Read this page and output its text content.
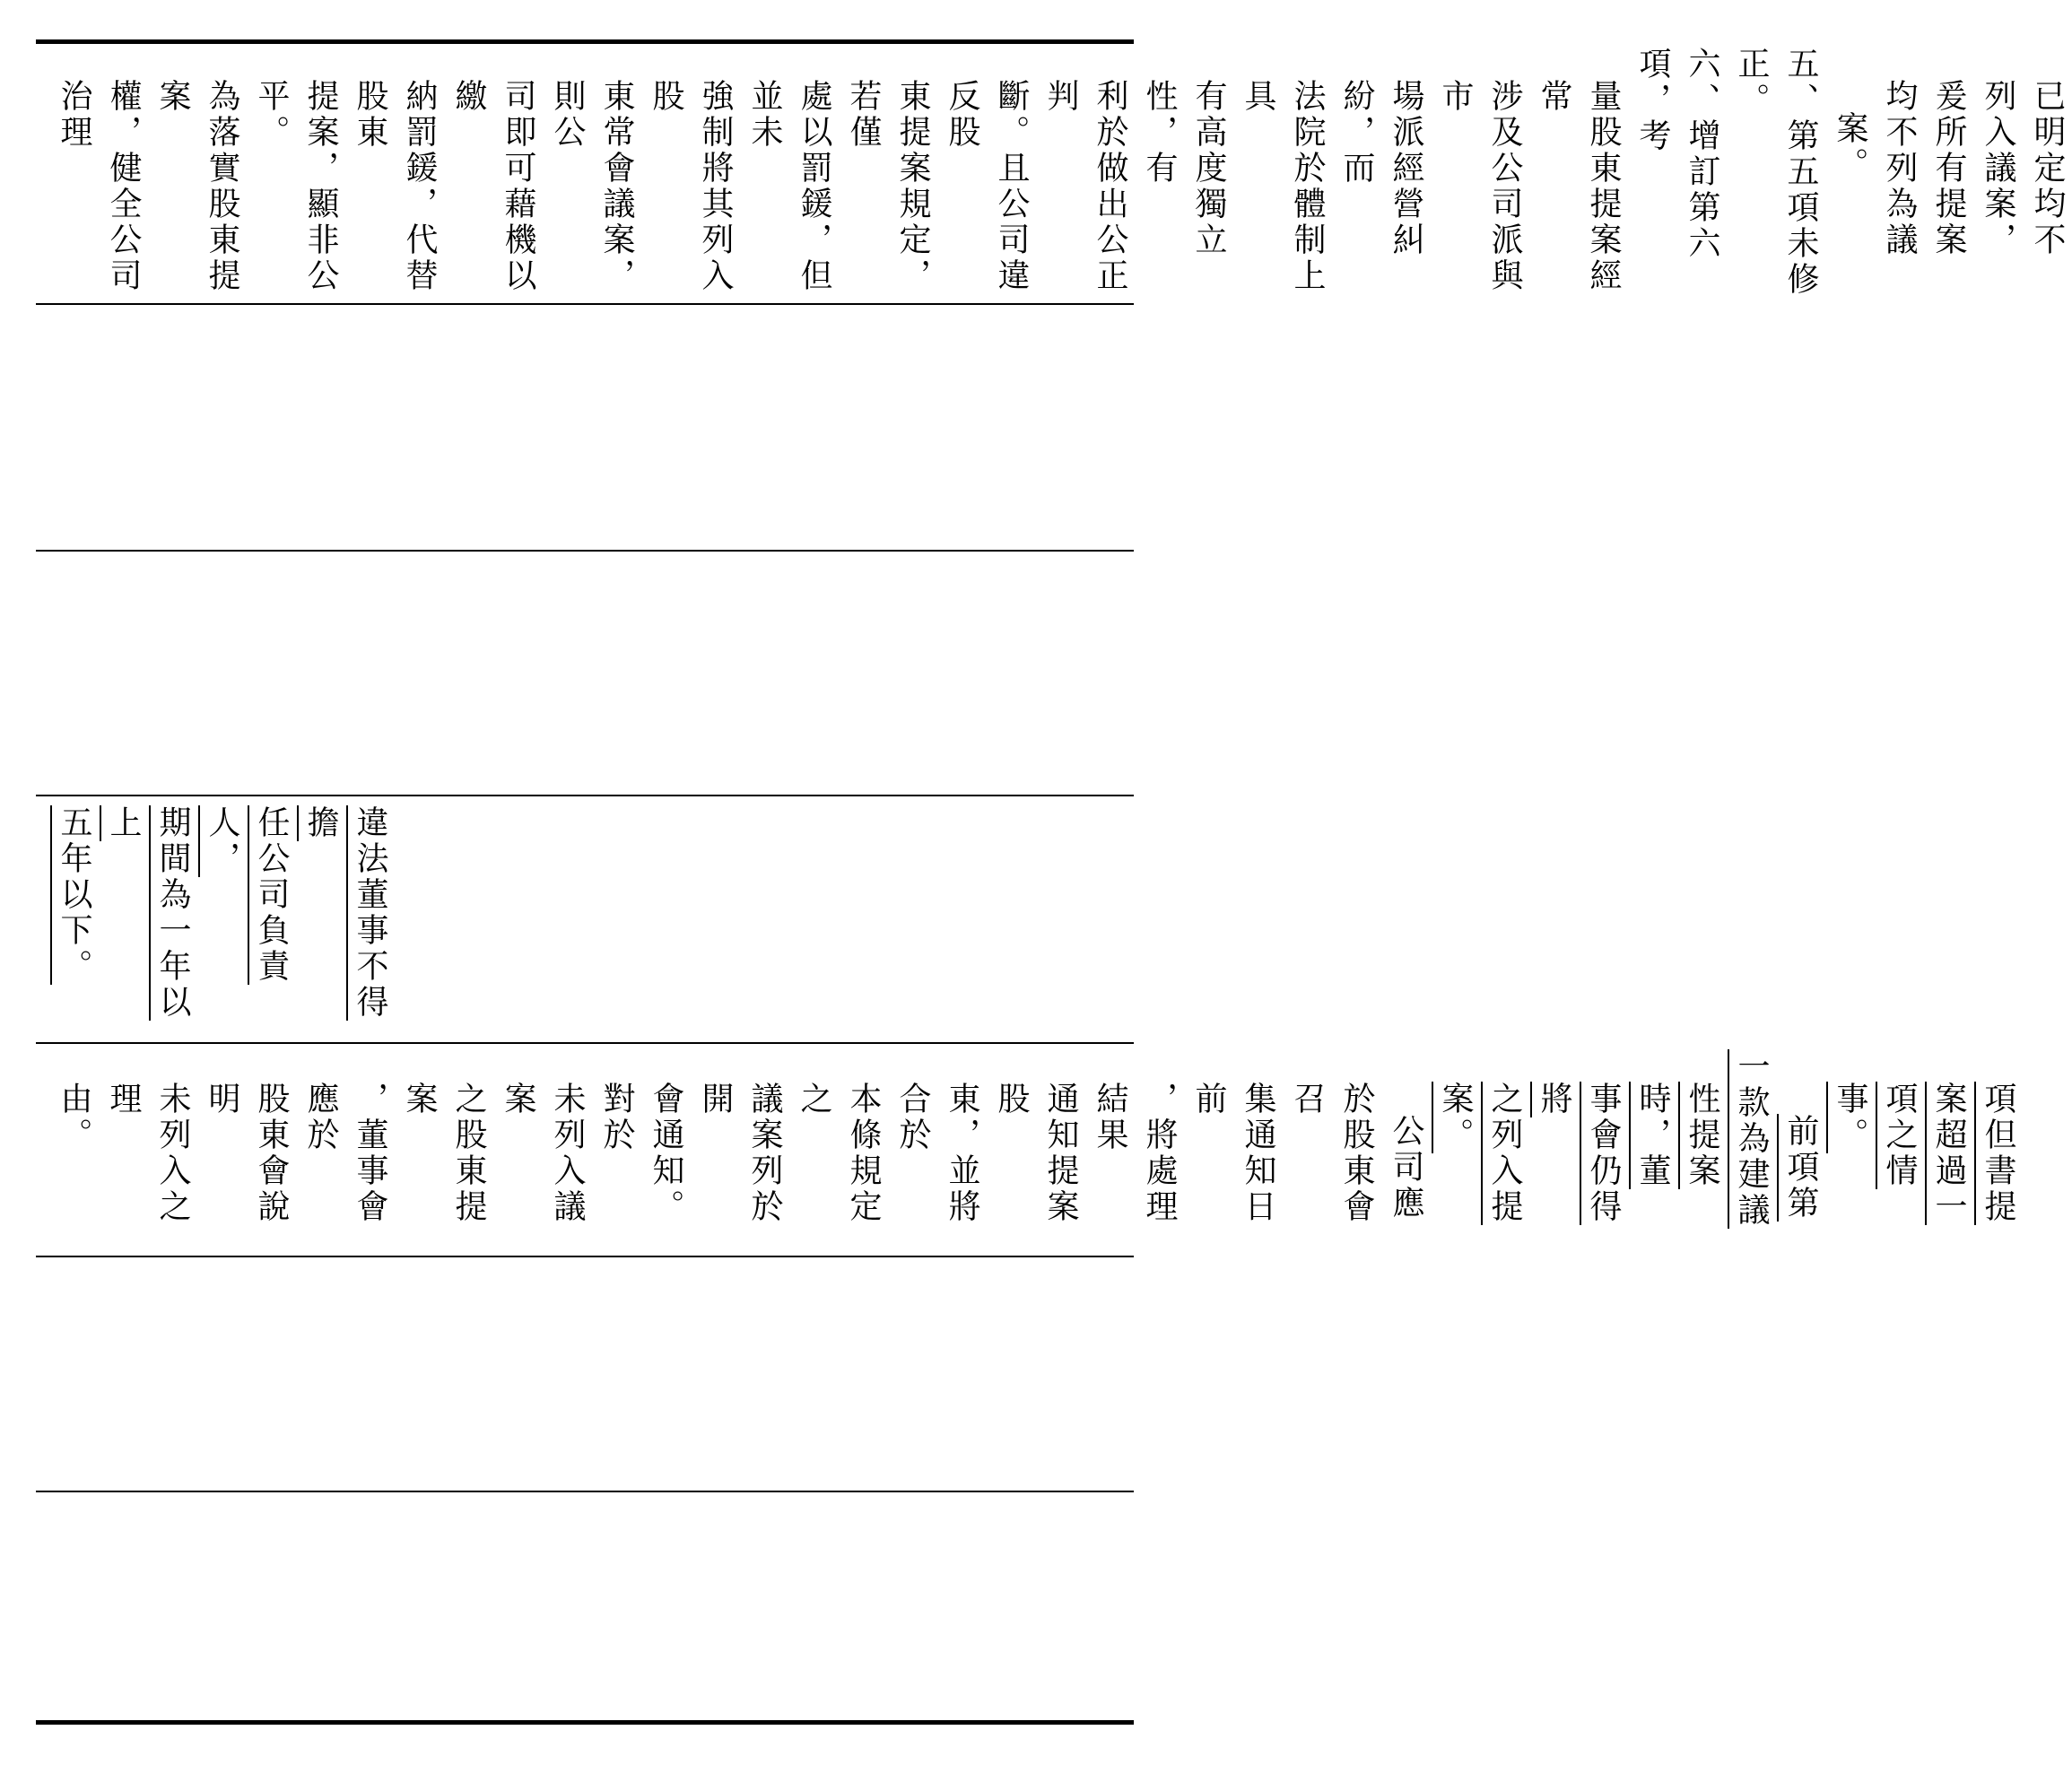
已明定均不
列入議案，
爰所有提案
均不列為議
案。
五、第五項未修正。
六、增訂第六項，考
量股東提案經常
涉及公司派與市
場派經營糾紛，而
法院於體制上具
有高度獨立性，有
利於做出公正判
斷。且公司違反股
東提案規定，若僅
處以罰鍰，但並未
強制將其列入股
東常會議案，則公
司即可藉機以繳
納罰鍰，代替股東
提案，顯非公平。
為落實股東提案
權，健全公司治理
違法董事不得擔
任公司負責人，
期間為一年以上
五年以下。
項但書提
案超過一
項之情事。
前項第
一款為建議
性提案時，董
事會仍得將
之列入提案。
公司應
於股東會召
集通知日前
，將處理結果
通知提案股
東，並將合於
本條規定之
議案列於開
會通知。對於
未列入議案
之股東提案
，董事會應於
股東會說明
未列入之理
由。
